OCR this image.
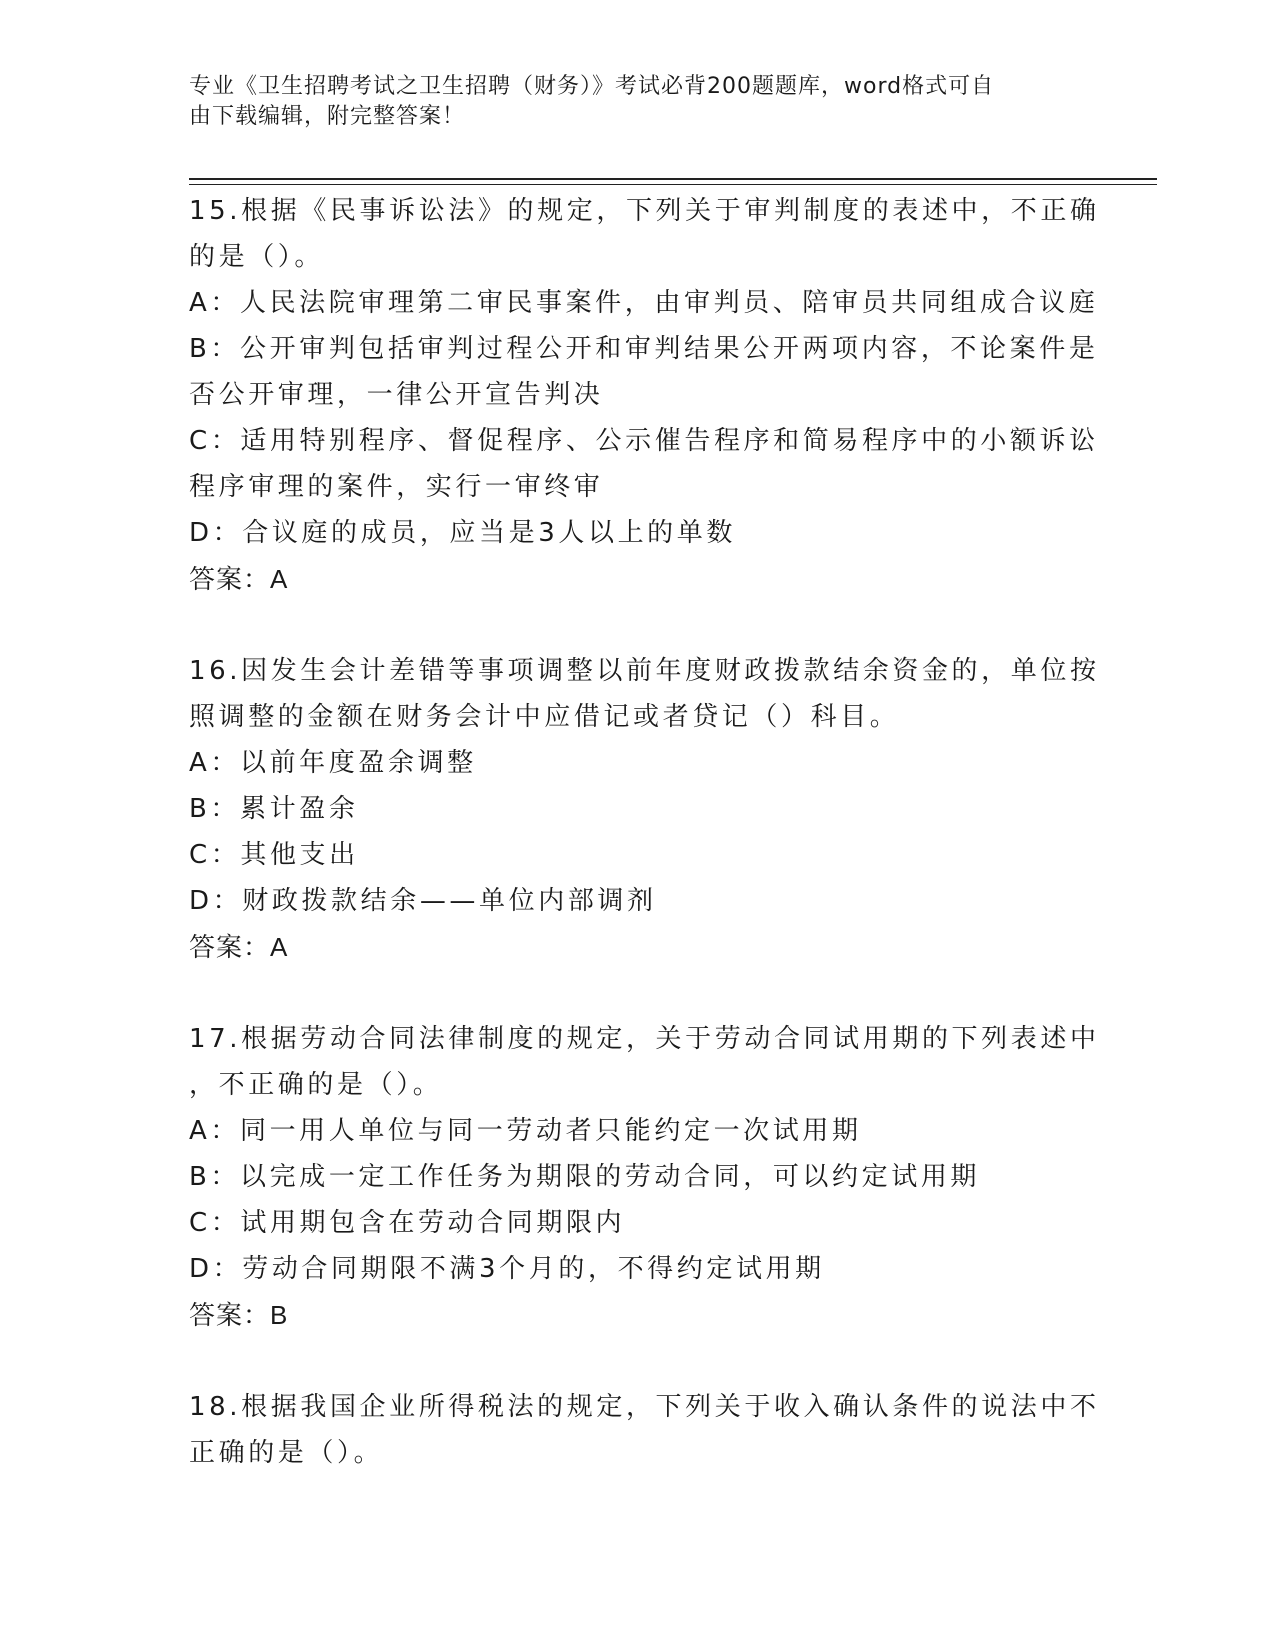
专业《卫生招聘考试之卫生招聘（财务）》考试必背200题题库，word格式可自
由下载编辑，附完整答案！
15.根据《民事诉讼法》的规定，下列关于审判制度的表述中，不正确
的是（）。
A：人民法院审理第二审民事案件，由审判员、陪审员共同组成合议庭
B：公开审判包括审判过程公开和审判结果公开两项内容，不论案件是
否公开审理，一律公开宣告判决
C：适用特别程序、督促程序、公示催告程序和简易程序中的小额诉讼
程序审理的案件，实行一审终审
D：合议庭的成员，应当是3人以上的单数
答案：A
16.因发生会计差错等事项调整以前年度财政拨款结余资金的，单位按
照调整的金额在财务会计中应借记或者贷记（）科目。
A：以前年度盈余调整
B：累计盈余
C：其他支出
D：财政拨款结余——单位内部调剂
答案：A
17.根据劳动合同法律制度的规定，关于劳动合同试用期的下列表述中
，不正确的是（）。
A：同一用人单位与同一劳动者只能约定一次试用期
B：以完成一定工作任务为期限的劳动合同，可以约定试用期
C：试用期包含在劳动合同期限内
D：劳动合同期限不满3个月的，不得约定试用期
答案：B
18.根据我国企业所得税法的规定，下列关于收入确认条件的说法中不
正确的是（）。
